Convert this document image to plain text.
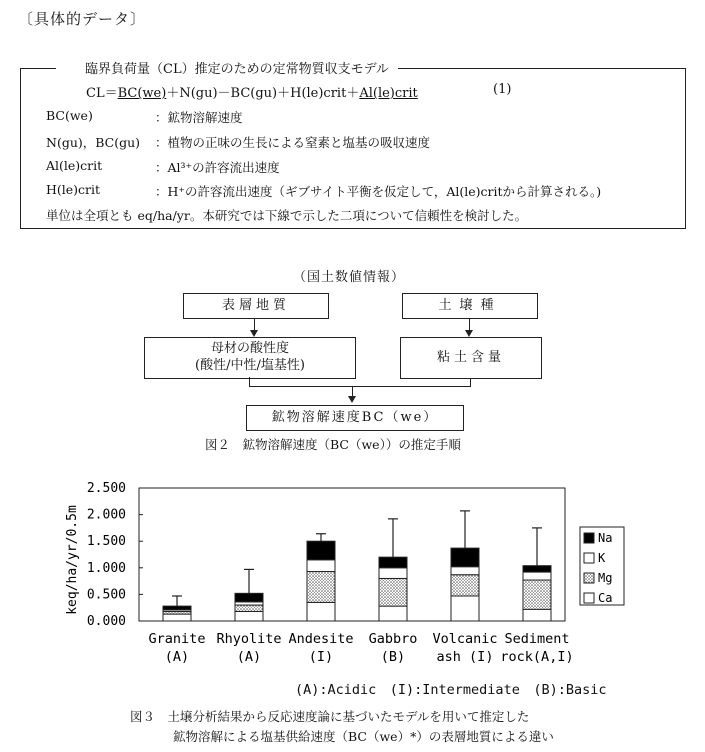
〔具体的データ〕
臨界負荷量（CL）推定のための定常物質収支モデル
CL＝BC(we)＋N(gu)－BC(gu)＋H(le)crit＋Al(le)crit	(1)
BC(we)	：鉱物溶解速度
N(gu)，BC(gu) ：植物の正味の生長による窒素と塩基の吸収速度
Al(le)crit	：Al³⁺の許容流出速度
H(le)crit	：H⁺の許容流出速度（ギブサイト平衡を仮定して，Al(le)critから計算される。)
単位は全項とも eq/ha/yr。本研究では下線で示した二項について信頼性を検討した。
（国土数値情報）
表層地質	土壌種
母材の酸性度
(酸性/中性/塩基性)
粘土含量
鉱物溶解速度BC（we）
図２　鉱物溶解速度（BC（we））の推定手順
2.500
2.000
1.500
1.000
0.500
0.000
keq/ha/yr/0.5m	Na
K
Mg
Ca
Granite
(A)
Rhyolite
(A)
Andesite
(I)
Gabbro
(B)
Volcanic
ash (I)
Sediment
rock(A,I)
(A):Acidic　(I):Intermediate　(B):Basic
図３　土壌分析結果から反応速度論に基づいたモデルを用いて推定した
鉱物溶解による塩基供給速度（BC（we）*）の表層地質による違い
